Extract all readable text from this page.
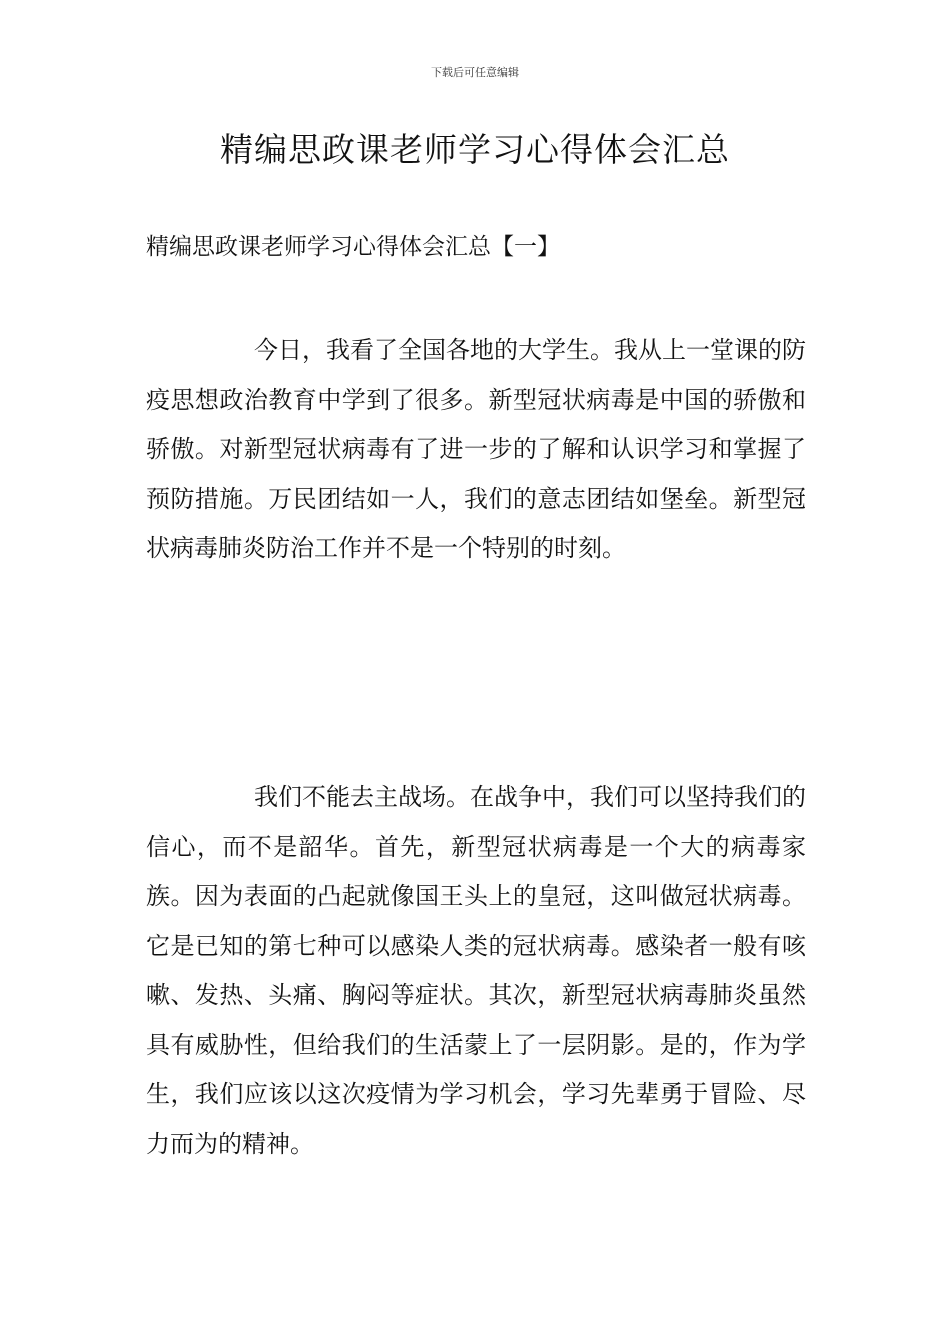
下载后可任意编辑
精编思政课老师学习心得体会汇总
精编思政课老师学习心得体会汇总【一】

今日，我看了全国各地的大学生。我从上一堂课的防疫思想政治教育中学到了很多。新型冠状病毒是中国的骄傲和骄傲。对新型冠状病毒有了进一步的了解和认识学习和掌握了预防措施。万民团结如一人，我们的意志团结如堡垒。新型冠状病毒肺炎防治工作并不是一个特别的时刻。

我们不能去主战场。在战争中，我们可以坚持我们的信心，而不是韶华。首先，新型冠状病毒是一个大的病毒家族。因为表面的凸起就像国王头上的皇冠，这叫做冠状病毒。它是已知的第七种可以感染人类的冠状病毒。感染者一般有咳嗽、发热、头痛、胸闷等症状。其次，新型冠状病毒肺炎虽然具有威胁性，但给我们的生活蒙上了一层阴影。是的，作为学生，我们应该以这次疫情为学习机会，学习先辈勇于冒险、尽力而为的精神。
